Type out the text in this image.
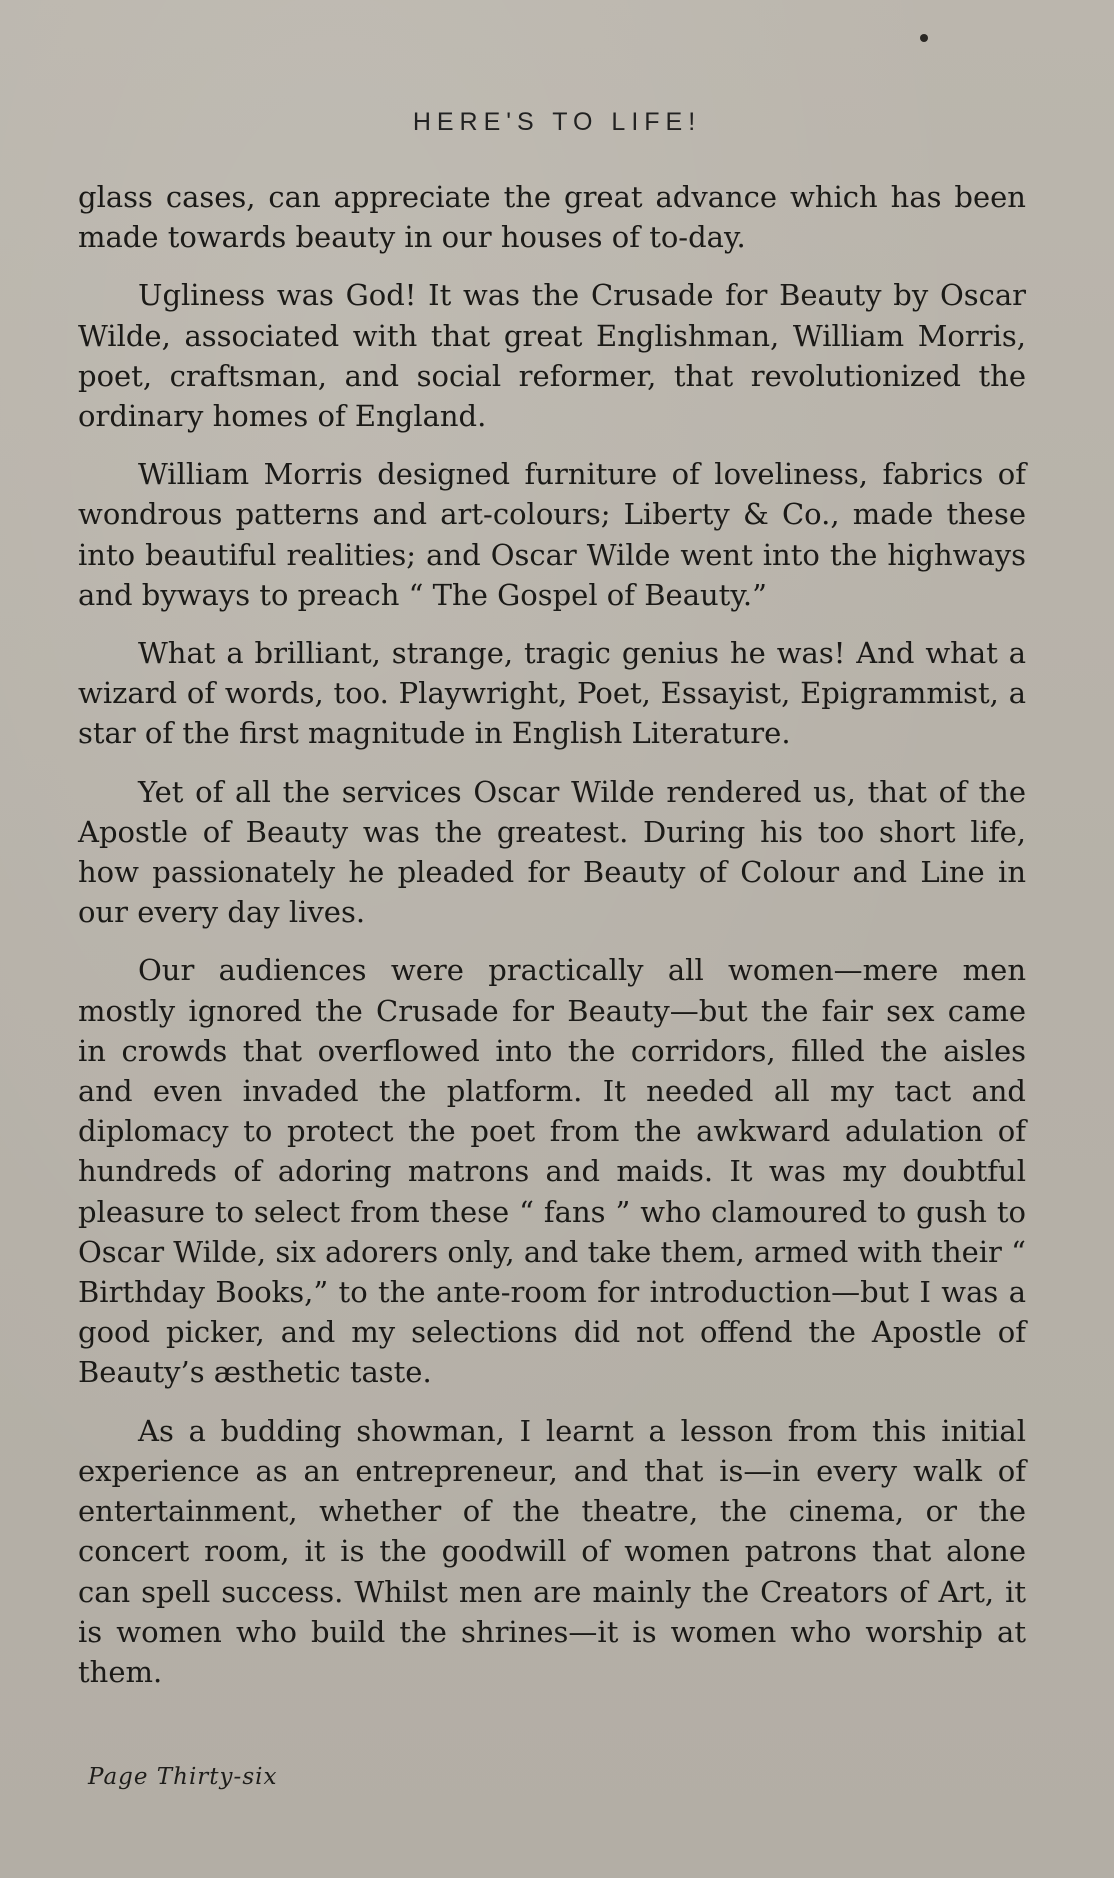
HERE'S TO LIFE!

glass cases, can appreciate the great advance which has been made towards beauty in our houses of to-day.

Ugliness was God! It was the Crusade for Beauty by Oscar Wilde, associated with that great Englishman, William Morris, poet, craftsman, and social reformer, that revolutionized the ordinary homes of England.

William Morris designed furniture of loveliness, fabrics of wondrous patterns and art-colours; Liberty & Co., made these into beautiful realities; and Oscar Wilde went into the highways and byways to preach “ The Gospel of Beauty.”

What a brilliant, strange, tragic genius he was! And what a wizard of words, too. Playwright, Poet, Essayist, Epigrammist, a star of the first magnitude in English Literature.

Yet of all the services Oscar Wilde rendered us, that of the Apostle of Beauty was the greatest. During his too short life, how passionately he pleaded for Beauty of Colour and Line in our every day lives.

Our audiences were practically all women—mere men mostly ignored the Crusade for Beauty—but the fair sex came in crowds that overflowed into the corridors, filled the aisles and even invaded the platform. It needed all my tact and diplomacy to protect the poet from the awkward adulation of hundreds of adoring matrons and maids. It was my doubtful pleasure to select from these “ fans ” who clamoured to gush to Oscar Wilde, six adorers only, and take them, armed with their “ Birthday Books,” to the ante-room for introduction—but I was a good picker, and my selections did not offend the Apostle of Beauty’s æsthetic taste.

As a budding showman, I learnt a lesson from this initial experience as an entrepreneur, and that is—in every walk of entertainment, whether of the theatre, the cinema, or the concert room, it is the goodwill of women patrons that alone can spell success. Whilst men are mainly the Creators of Art, it is women who build the shrines—it is women who worship at them.

Page Thirty-six
